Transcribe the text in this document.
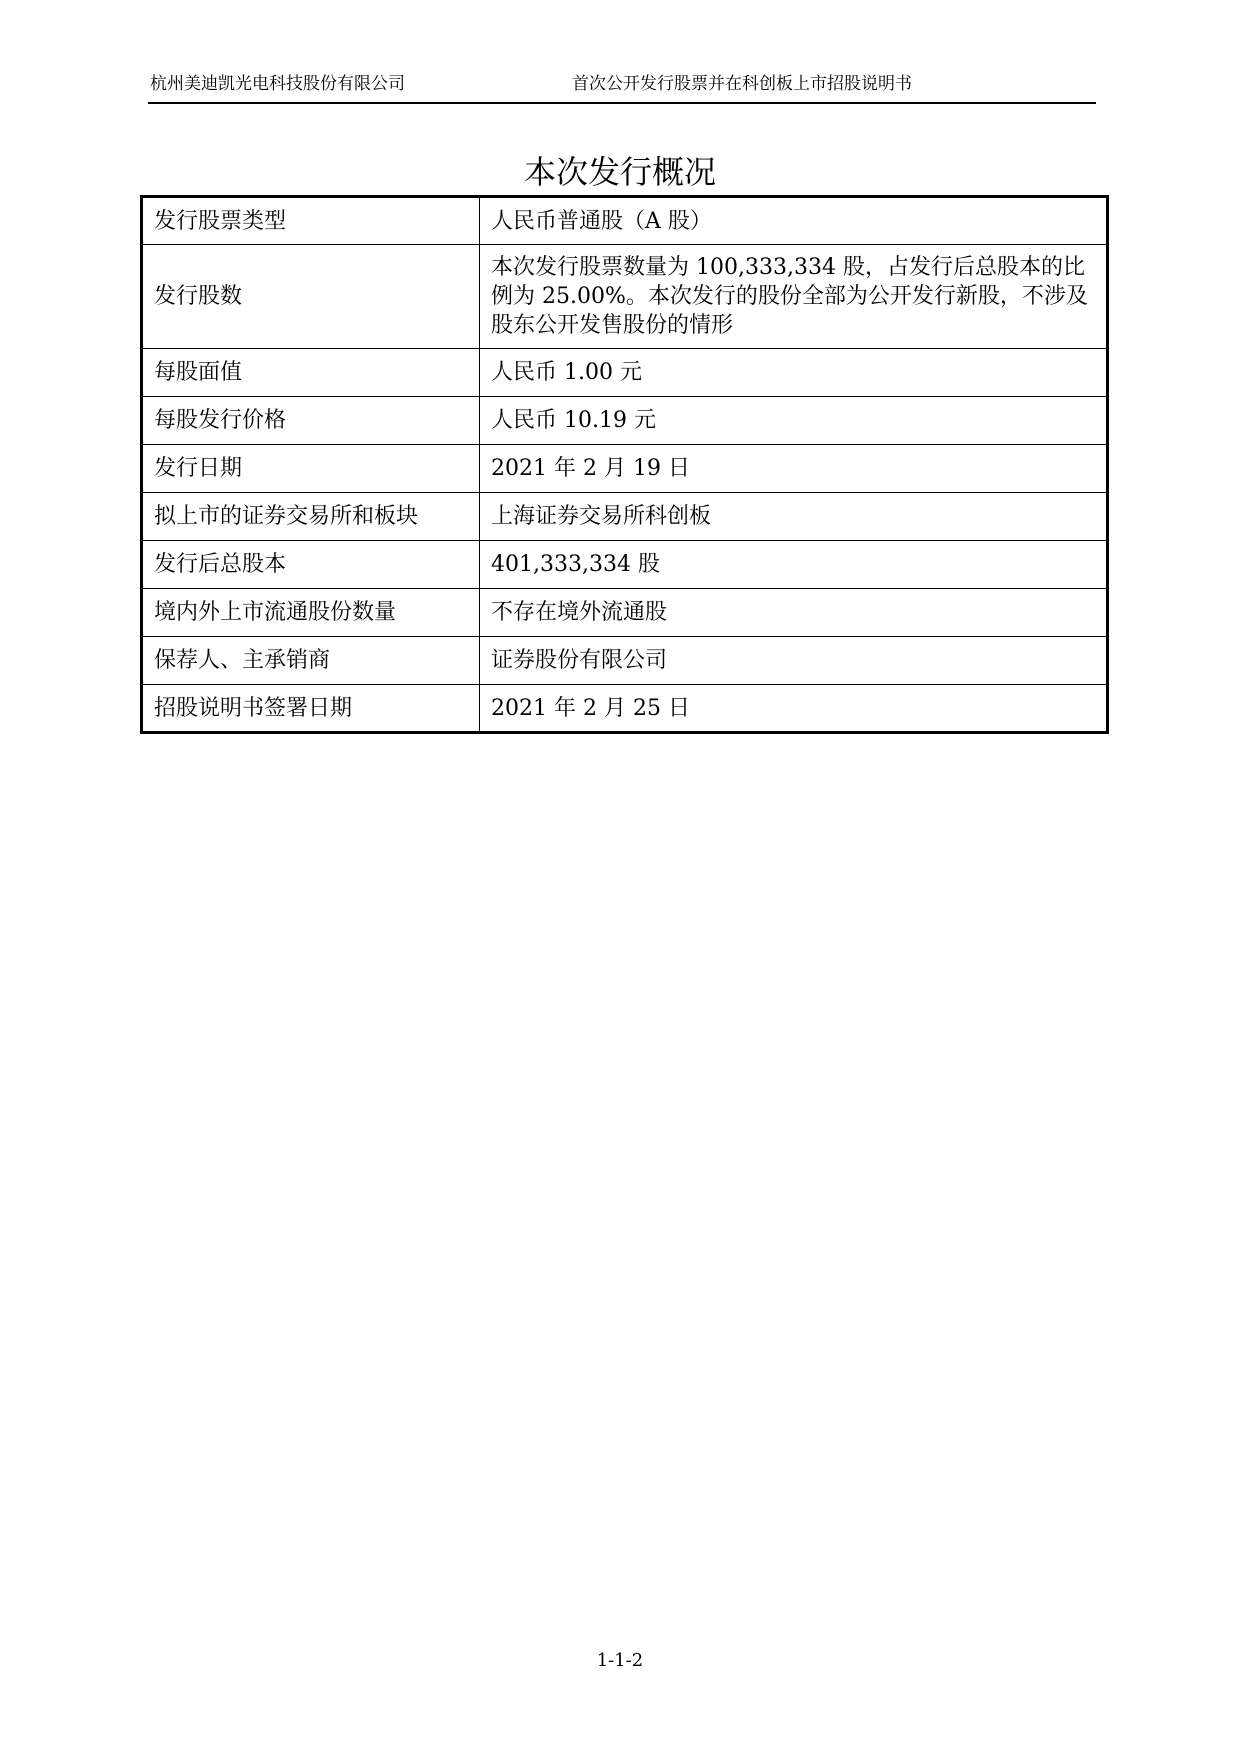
杭州美迪凯光电科技股份有限公司	首次公开发行股票并在科创板上市招股说明书
本次发行概况
发行股票类型	人民币普通股（A 股）
发行股数	本次发行股票数量为 100,333,334 股，占发行后总股本的比例为 25.00%。本次发行的股份全部为公开发行新股，不涉及股东公开发售股份的情形
每股面值	人民币 1.00 元
每股发行价格	人民币 10.19 元
发行日期	2021 年 2 月 19 日
拟上市的证券交易所和板块	上海证券交易所科创板
发行后总股本	401,333,334 股
境内外上市流通股份数量	不存在境外流通股
保荐人、主承销商	证券股份有限公司
招股说明书签署日期	2021 年 2 月 25 日
1-1-2
